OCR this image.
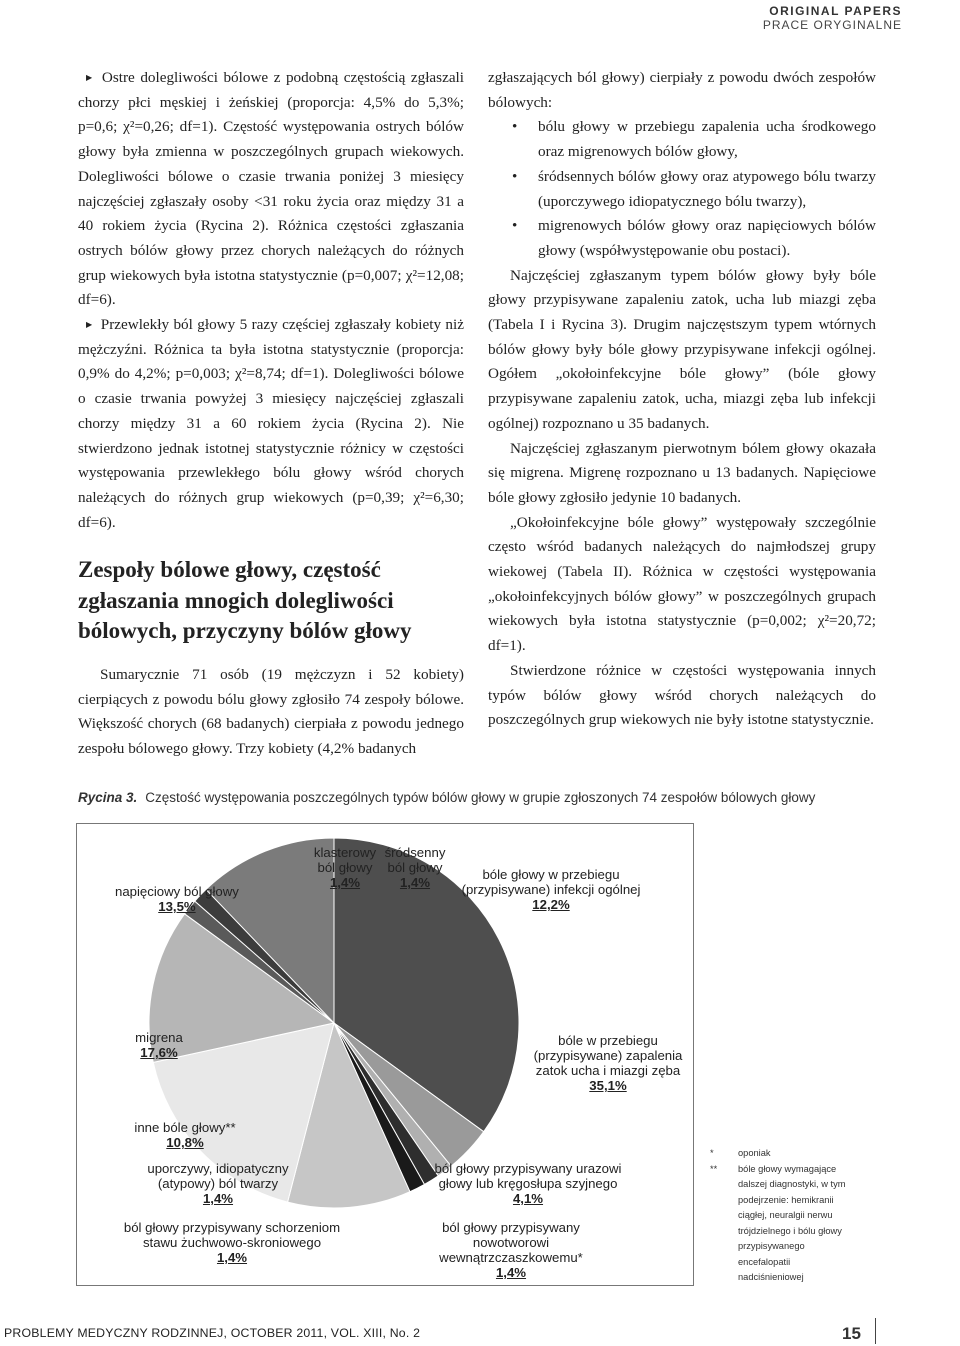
ORIGINAL PAPERS
PRACE ORYGINALNE

▶ Ostre dolegliwości bólowe z podobną częstością zgłaszali chorzy płci męskiej i żeńskiej (proporcja: 4,5% do 5,3%; p=0,6; χ²=0,26; df=1). Częstość występowania ostrych bólów głowy była zmienna w poszczególnych grupach wiekowych. Dolegliwości bólowe o czasie trwania poniżej 3 miesięcy najczęściej zgłaszały osoby <31 roku życia oraz między 31 a 40 rokiem życia (Rycina 2). Różnica częstości zgłaszania ostrych bólów głowy przez chorych należących do różnych grup wiekowych była istotna statystycznie (p=0,007; χ²=12,08; df=6).

▶ Przewlekły ból głowy 5 razy częściej zgłaszały kobiety niż mężczyźni. Różnica ta była istotna statystycznie (proporcja: 0,9% do 4,2%; p=0,003; χ²=8,74; df=1). Dolegliwości bólowe o czasie trwania powyżej 3 miesięcy najczęściej zgłaszali chorzy między 31 a 60 rokiem życia (Rycina 2). Nie stwierdzono jednak istotnej statystycznie różnicy w częstości występowania przewlekłego bólu głowy wśród chorych należących do różnych grup wiekowych (p=0,39; χ²=6,30; df=6).

Zespoły bólowe głowy, częstość zgłaszania mnogich dolegliwości bólowych, przyczyny bólów głowy

Sumarycznie 71 osób (19 mężczyzn i 52 kobiety) cierpiących z powodu bólu głowy zgłosiło 74 zespoły bólowe. Większość chorych (68 badanych) cierpiała z powodu jednego zespołu bólowego głowy. Trzy kobiety (4,2% badanych

zgłaszających ból głowy) cierpiały z powodu dwóch zespołów bólowych:

• bólu głowy w przebiegu zapalenia ucha środkowego oraz migrenowych bólów głowy,
• śródsennych bólów głowy oraz atypowego bólu twarzy (uporczywego idiopatycznego bólu twarzy),
• migrenowych bólów głowy oraz napięciowych bólów głowy (współwystępowanie obu postaci).

Najczęściej zgłaszanym typem bólów głowy były bóle głowy przypisywane zapaleniu zatok, ucha lub miazgi zęba (Tabela I i Rycina 3). Drugim najczęstszym typem wtórnych bólów głowy były bóle głowy przypisywane infekcji ogólnej. Ogółem „okołoinfekcyjne bóle głowy” (bóle głowy przypisywane zapaleniu zatok, ucha, miazgi zęba lub infekcji ogólnej) rozpoznano u 35 badanych.

Najczęściej zgłaszanym pierwotnym bólem głowy okazała się migrena. Migrenę rozpoznano u 13 badanych. Napięciowe bóle głowy zgłosiło jedynie 10 badanych.

„Okołoinfekcyjne bóle głowy” występowały szczególnie często wśród badanych należących do najmłodszej grupy wiekowej (Tabela II). Różnica w częstości występowania „okołoinfekcyjnych bólów głowy” w poszczególnych grupach wiekowych była istotna statystycznie (p=0,002; χ²=20,72; df=1).

Stwierdzone różnice w częstości występowania innych typów bólów głowy wśród chorych należących do poszczególnych grup wiekowych nie były istotne statystycznie.

Rycina 3. Częstość występowania poszczególnych typów bólów głowy w grupie zgłoszonych 74 zespołów bólowych głowy
napięciowy ból głowy
13,5%
klasterowy ból głowy
1,4%
śródsenny ból głowy
1,4%
bóle głowy w przebiegu (przypisywane) infekcji ogólnej
12,2%
migrena
17,6%
bóle w przebiegu (przypisywane) zapalenia zatok ucha i miazgi zęba
35,1%
inne bóle głowy**
10,8%
uporczywy, idiopatyczny (atypowy) ból twarzy
1,4%
ból głowy przypisywany urazowi głowy lub kręgosłupa szyjnego
4,1%
ból głowy przypisywany schorzeniom stawu żuchwowo-skroniowego
1,4%
ból głowy przypisywany nowotworowi wewnątrzczaszkowemu*
1,4%
*	oponiak
**	bóle głowy wymagające dalszej diagnostyki, w tym podejrzenie: hemikranii ciągłej, neuralgii nerwu trójdzielnego i bólu głowy przypisywanego encefalopatii nadciśnieniowej
PROBLEMY MEDYCZNY RODZINNEJ, OCTOBER 2011, VOL. XIII, No. 2	15
